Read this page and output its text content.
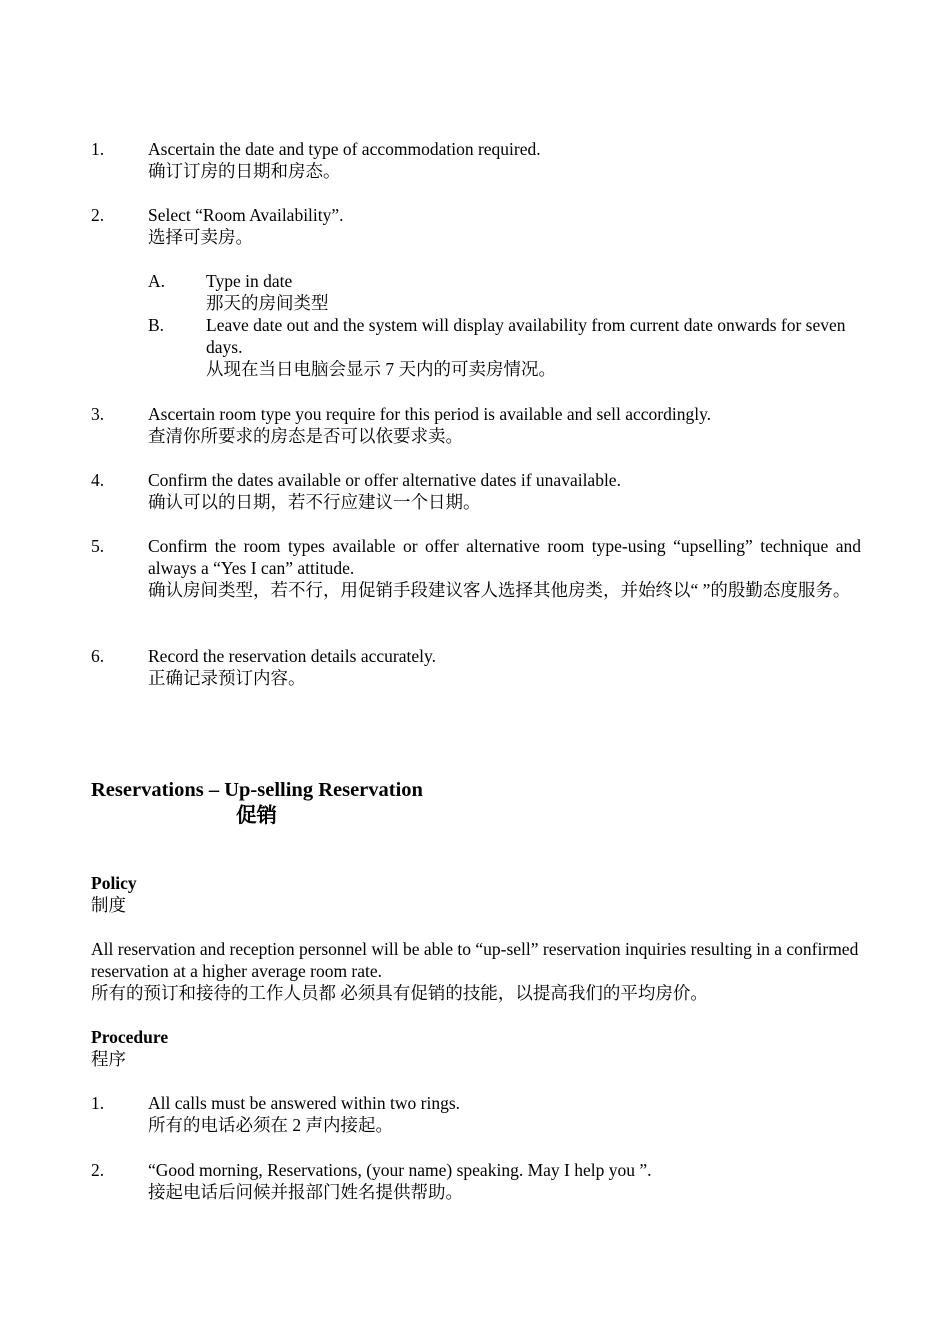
1.	Ascertain the date and type of accommodation required.
确订订房的日期和房态。
2.	Select “Room Availability”.
选择可卖房。
A. Type in date
那天的房间类型
B. Leave date out and the system will display availability from current date onwards for seven days.
从现在当日电脑会显示 7 天内的可卖房情况。
3.	Ascertain room type you require for this period is available and sell accordingly.
查清你所要求的房态是否可以依要求卖。
4.	Confirm the dates available or offer alternative dates if unavailable.
确认可以的日期，若不行应建议一个日期。
5.	Confirm the room types available or offer alternative room type-using “upselling” technique and always a “Yes I can” attitude.
确认房间类型，若不行，用促销手段建议客人选择其他房类，并始终以“ ”的殷勤态度服务。
6.	Record the reservation details accurately.
正确记录预订内容。
Reservations – Up-selling Reservation
促销
Policy
制度
All reservation and reception personnel will be able to “up-sell” reservation inquiries resulting in a confirmed reservation at a higher average room rate.
所有的预订和接待的工作人员都 必须具有促销的技能，以提高我们的平均房价。
Procedure
程序
1.	All calls must be answered within two rings.
所有的电话必须在 2 声内接起。
2.	“Good morning, Reservations, (your name) speaking. May I help you ”.
接起电话后问候并报部门姓名提供帮助。
